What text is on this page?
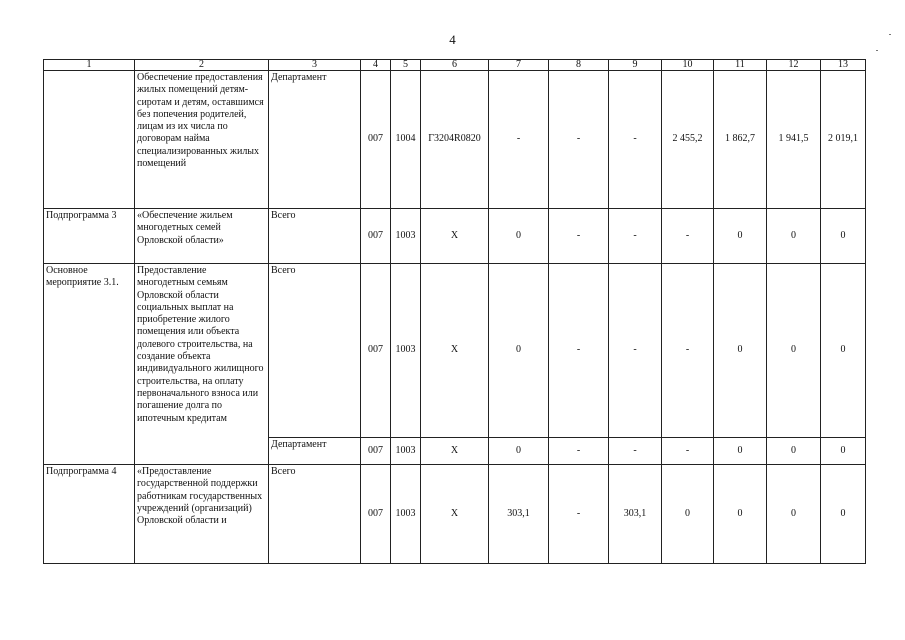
4
1	2	3	4	5	6	7	8	9	10	11	12	13
	Обеспечение предоставления жилых помещений детям-сиротам и детям, оставшимся без попечения родителей, лицам из их числа по договорам найма специализированных жилых помещений	Департамент	007	1004	Г3204R0820	-	-	-	2 455,2	1 862,7	1 941,5	2 019,1
Подпрограмма 3	«Обеспечение жильем многодетных семей Орловской области»	Всего	007	1003	X	0	-	-	-	0	0	0
Основное мероприятие 3.1.	Предоставление многодетным семьям Орловской области социальных выплат на приобретение жилого помещения или объекта долевого строительства, на создание объекта индивидуального жилищного строительства, на оплату первоначального взноса или погашение долга по ипотечным кредитам	Всего	007	1003	X	0	-	-	-	0	0	0
		Департамент	007	1003	X	0	-	-	-	0	0	0
Подпрограмма 4	«Предоставление государственной поддержки работникам государственных учреждений (организаций) Орловской области и	Всего	007	1003	X	303,1	-	303,1	0	0	0	0
